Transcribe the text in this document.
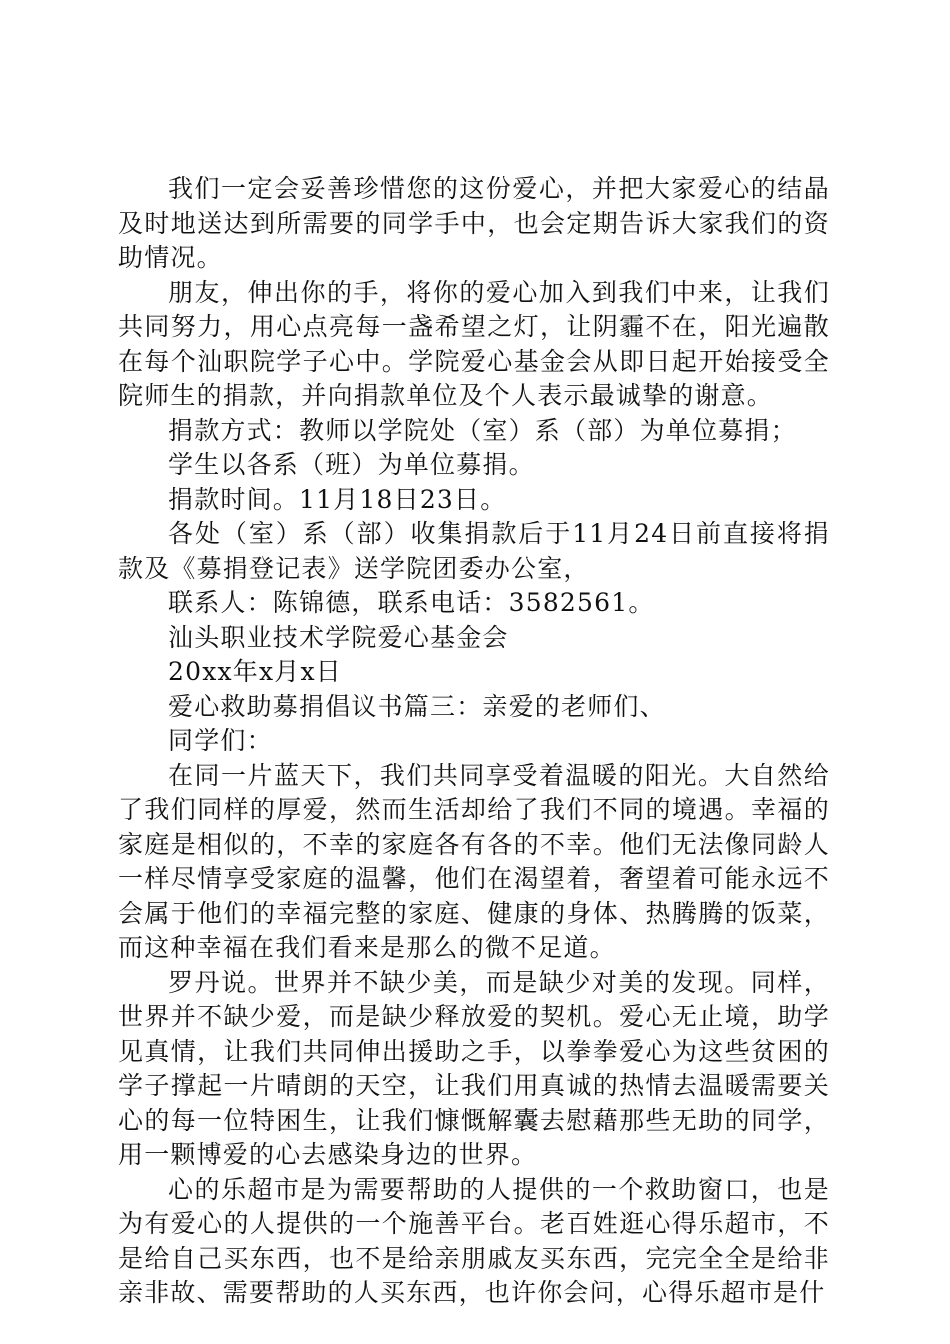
我们一定会妥善珍惜您的这份爱心，并把大家爱心的结晶及时地送达到所需要的同学手中，也会定期告诉大家我们的资助情况。

朋友，伸出你的手，将你的爱心加入到我们中来，让我们共同努力，用心点亮每一盏希望之灯，让阴霾不在，阳光遍散在每个汕职院学子心中。学院爱心基金会从即日起开始接受全院师生的捐款，并向捐款单位及个人表示最诚挚的谢意。

捐款方式：教师以学院处（室）系（部）为单位募捐；

学生以各系（班）为单位募捐。

捐款时间。11月18日23日。

各处（室）系（部）收集捐款后于11月24日前直接将捐款及《募捐登记表》送学院团委办公室，

联系人：陈锦德，联系电话：3582561。

汕头职业技术学院爱心基金会

20xx年x月x日

爱心救助募捐倡议书篇三：亲爱的老师们、

同学们：

在同一片蓝天下，我们共同享受着温暖的阳光。大自然给了我们同样的厚爱，然而生活却给了我们不同的境遇。幸福的家庭是相似的，不幸的家庭各有各的不幸。他们无法像同龄人一样尽情享受家庭的温馨，他们在渴望着，奢望着可能永远不会属于他们的幸福完整的家庭、健康的身体、热腾腾的饭菜，而这种幸福在我们看来是那么的微不足道。

罗丹说。世界并不缺少美，而是缺少对美的发现。同样，世界并不缺少爱，而是缺少释放爱的契机。爱心无止境，助学见真情，让我们共同伸出援助之手，以拳拳爱心为这些贫困的学子撑起一片晴朗的天空，让我们用真诚的热情去温暖需要关心的每一位特困生，让我们慷慨解囊去慰藉那些无助的同学，用一颗博爱的心去感染身边的世界。

心的乐超市是为需要帮助的人提供的一个救助窗口，也是为有爱心的人提供的一个施善平台。老百姓逛心得乐超市，不是给自己买东西，也不是给亲朋戚友买东西，完完全全是给非亲非故、需要帮助的人买东西，也许你会问，心得乐超市是什
